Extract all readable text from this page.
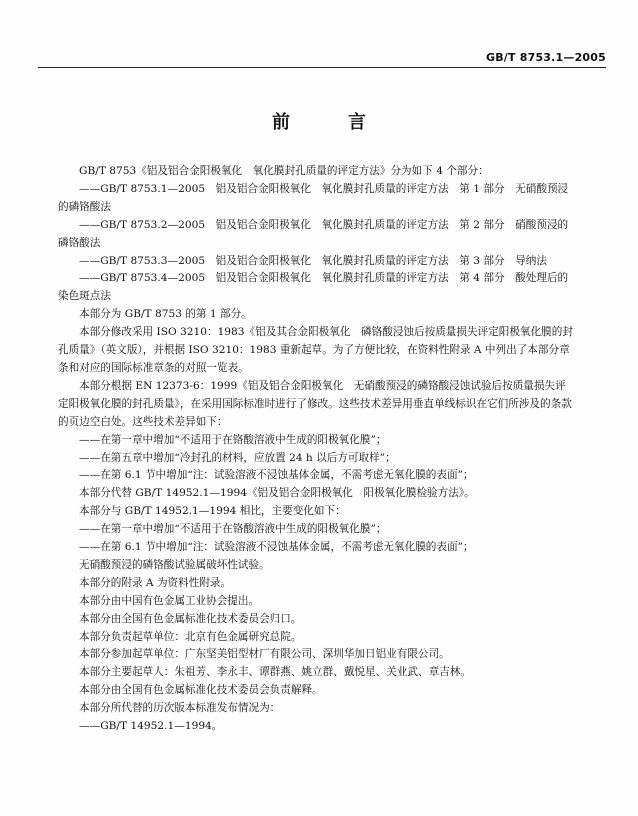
GB/T 8753.1—2005
前　言

GB/T 8753《铝及铝合金阳极氧化　氧化膜封孔质量的评定方法》分为如下 4 个部分：

——GB/T 8753.1—2005　铝及铝合金阳极氧化　氧化膜封孔质量的评定方法　第 1 部分　无硝酸预浸的磷铬酸法

——GB/T 8753.2—2005　铝及铝合金阳极氧化　氧化膜封孔质量的评定方法　第 2 部分　硝酸预浸的磷铬酸法

——GB/T 8753.3—2005　铝及铝合金阳极氧化　氧化膜封孔质量的评定方法　第 3 部分　导纳法

——GB/T 8753.4—2005　铝及铝合金阳极氧化　氧化膜封孔质量的评定方法　第 4 部分　酸处理后的染色斑点法

本部分为 GB/T 8753 的第 1 部分。

本部分修改采用 ISO 3210：1983《铝及其合金阳极氧化　磷铬酸浸蚀后按质量损失评定阳极氧化膜的封孔质量》（英文版），并根据 ISO 3210：1983 重新起草。为了方便比较，在资料性附录 A 中列出了本部分章条和对应的国际标准章条的对照一览表。

本部分根据 EN 12373-6：1999《铝及铝合金阳极氧化　无硝酸预浸的磷铬酸浸蚀试验后按质量损失评定阳极氧化膜的封孔质量》，在采用国际标准时进行了修改。这些技术差异用垂直单线标识在它们所涉及的条款的页边空白处。这些技术差异如下：

——在第一章中增加“不适用于在铬酸溶液中生成的阳极氧化膜”；

——在第五章中增加“冷封孔的材料，应放置 24 h 以后方可取样”；

——在第 6.1 节中增加“注：试验溶液不浸蚀基体金属，不需考虑无氧化膜的表面”；

本部分代替 GB/T 14952.1—1994《铝及铝合金阳极氧化　阳极氧化膜检验方法》。

本部分与 GB/T 14952.1—1994 相比，主要变化如下：

——在第一章中增加“不适用于在铬酸溶液中生成的阳极氧化膜”；

——在第 6.1 节中增加“注：试验溶液不浸蚀基体金属，不需考虑无氧化膜的表面”；

无硝酸预浸的磷铬酸试验属破坏性试验。

本部分的附录 A 为资料性附录。

本部分由中国有色金属工业协会提出。

本部分由全国有色金属标准化技术委员会归口。

本部分负责起草单位：北京有色金属研究总院。

本部分参加起草单位：广东坚美铝型材厂有限公司、深圳华加日铝业有限公司。

本部分主要起草人：朱祖芳、李永丰、谭群燕、姚立群、戴悦星、关业武、章吉林。

本部分由全国有色金属标准化技术委员会负责解释。

本部分所代替的历次版本标准发布情况为：

——GB/T 14952.1—1994。
